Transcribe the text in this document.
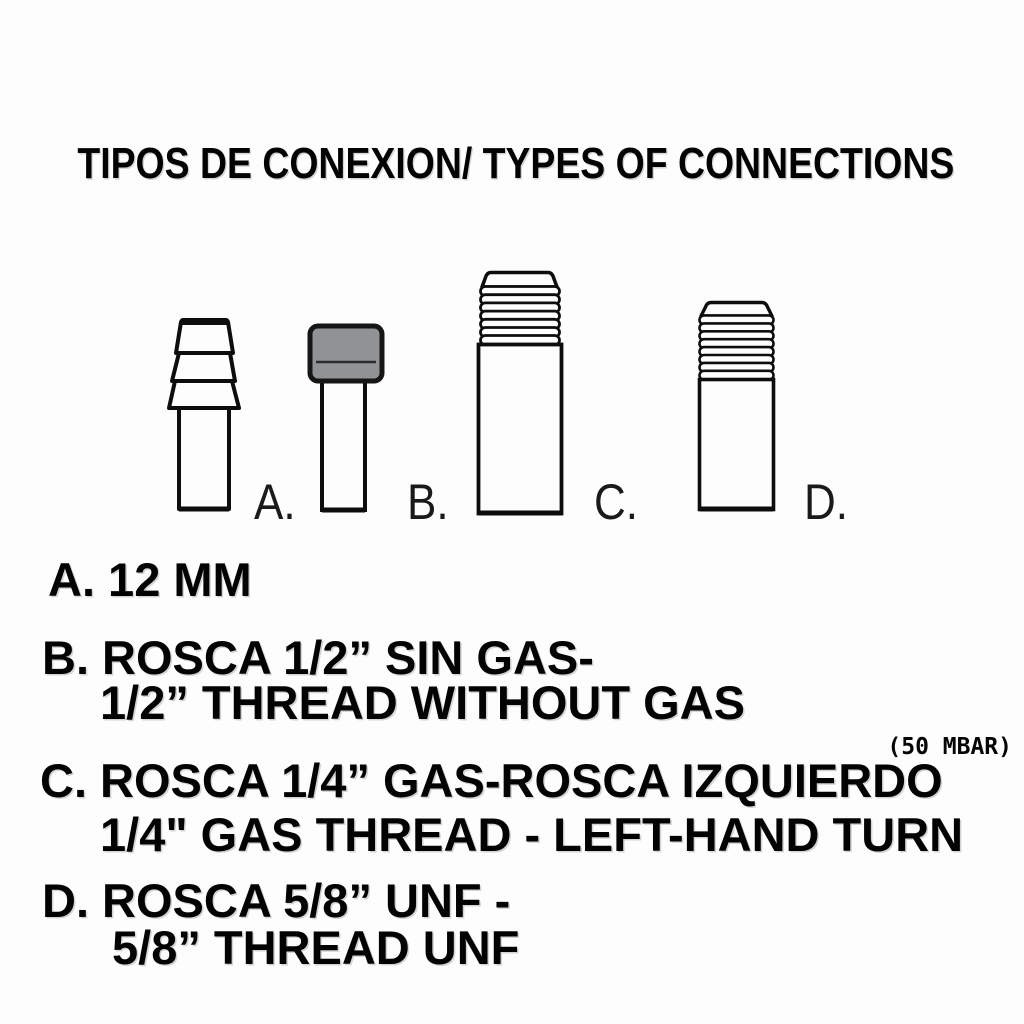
TIPOS DE CONEXION/ TYPES OF CONNECTIONS
A. B.	C.	D.
(50 MBAR)
A. 12 MM
B. ROSCA 1/2” SIN GAS-
1/2” THREAD WITHOUT GAS
C. ROSCA 1/4” GAS-ROSCA IZQUIERDO
1/4" GAS THREAD - LEFT-HAND TURN
D. ROSCA 5/8” UNF -
5/8” THREAD UNF
